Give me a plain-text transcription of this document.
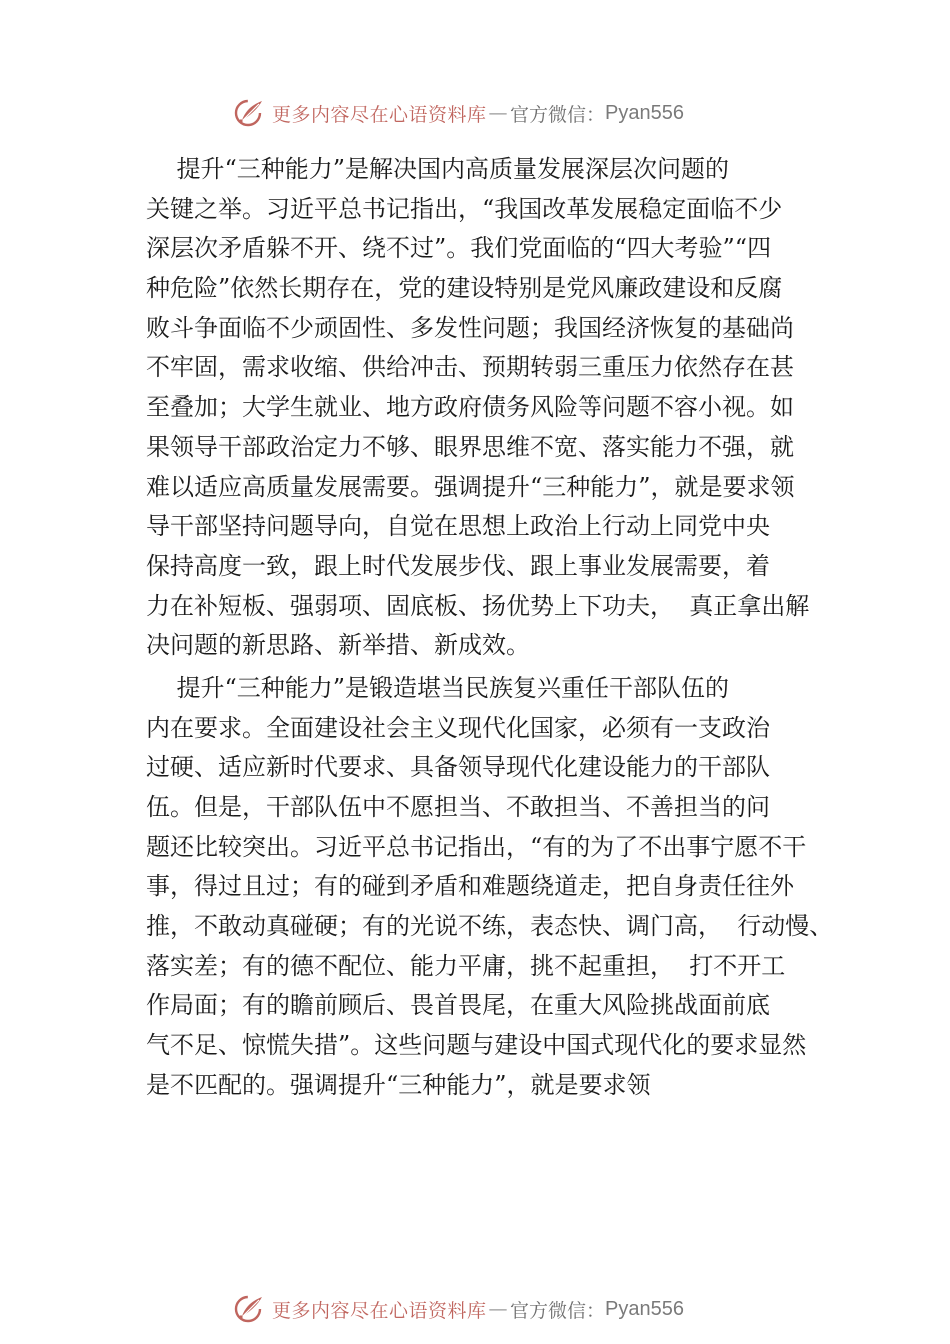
更多内容尽在心语资料库 — 官方微信： Pyan556
提升“三种能力”是解决国内高质量发展深层次问题的
关键之举。习近平总书记指出，“我国改革发展稳定面临不少
深层次矛盾躲不开、绕不过”。我们党面临的“四大考验”“四
种危险”依然长期存在，党的建设特别是党风廉政建设和反腐
败斗争面临不少顽固性、多发性问题；我国经济恢复的基础尚
不牢固，需求收缩、供给冲击、预期转弱三重压力依然存在甚
至叠加；大学生就业、地方政府债务风险等问题不容小视。如
果领导干部政治定力不够、眼界思维不宽、落实能力不强，就
难以适应高质量发展需要。强调提升“三种能力”，就是要求领
导干部坚持问题导向，自觉在思想上政治上行动上同党中央
保持高度一致，跟上时代发展步伐、跟上事业发展需要，着
力在补短板、强弱项、固底板、扬优势上下功夫，  真正拿出解
决问题的新思路、新举措、新成效。
提升“三种能力”是锻造堪当民族复兴重任干部队伍的
内在要求。全面建设社会主义现代化国家，必须有一支政治
过硬、适应新时代要求、具备领导现代化建设能力的干部队
伍。但是，干部队伍中不愿担当、不敢担当、不善担当的问
题还比较突出。习近平总书记指出，“有的为了不出事宁愿不干
事，得过且过；有的碰到矛盾和难题绕道走，把自身责任往外
推，不敢动真碰硬；有的光说不练，表态快、调门高，  行动慢、
落实差；有的德不配位、能力平庸，挑不起重担，  打不开工
作局面；有的瞻前顾后、畏首畏尾，在重大风险挑战面前底
气不足、惊慌失措”。这些问题与建设中国式现代化的要求显然
是不匹配的。强调提升“三种能力”，就是要求领
更多内容尽在心语资料库 — 官方微信： Pyan556
